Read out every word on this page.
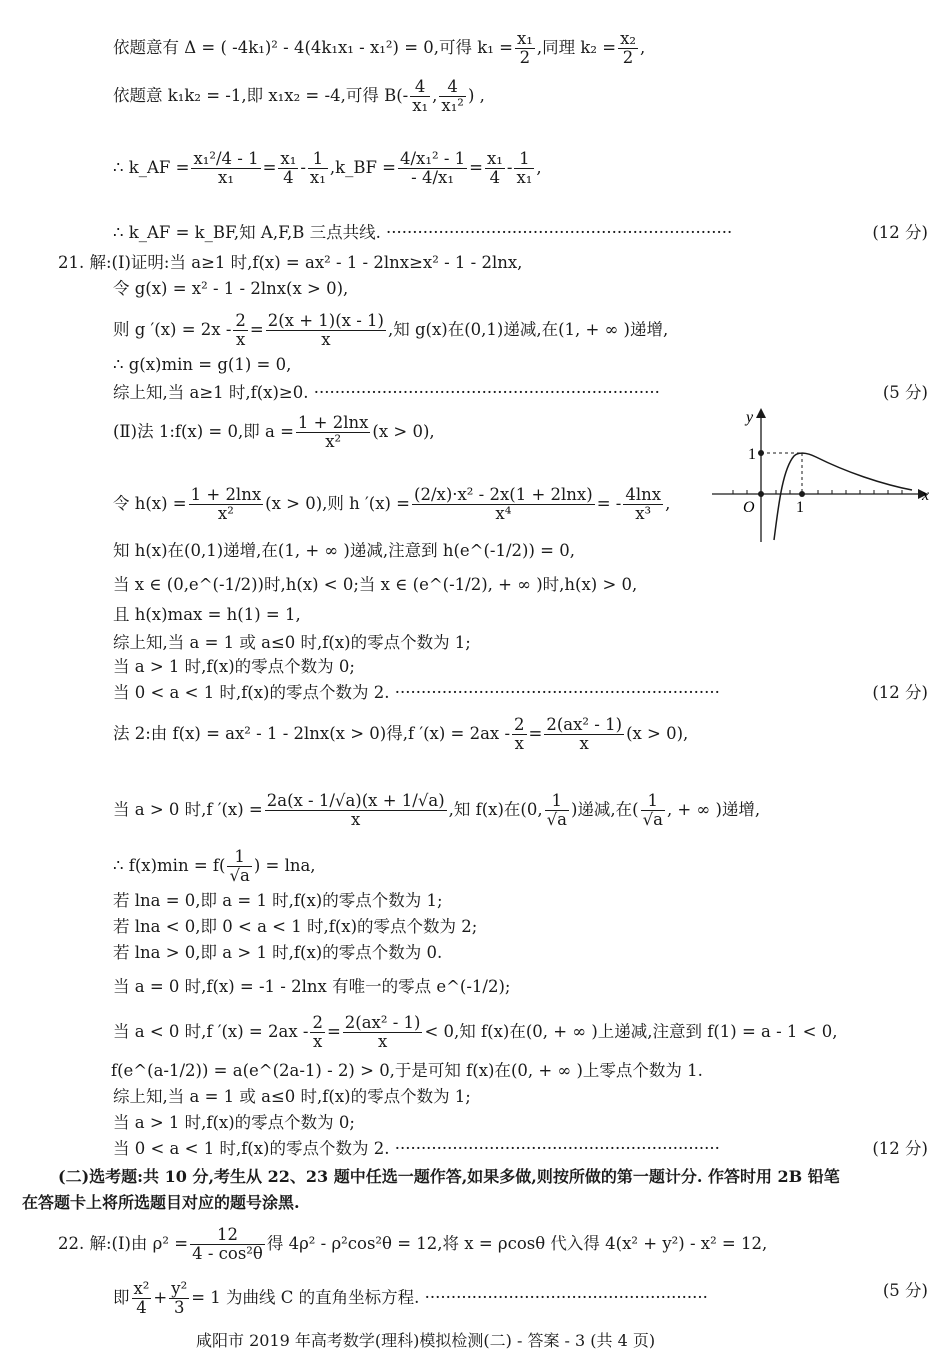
依题意有 Δ = ( -4k₁)² - 4(4k₁x₁ - x₁²) = 0,可得 $k_1 = \frac{\text{x₁}}{2}$ ,同理 $k_2 = \frac{\text{x₂}}{2}$ ,
依题意 k₁k₂ = -1,即 x₁x₂ = -4,可得 $B(- \frac{4}{\text{x₁}}$ , $\frac{4}{\text{x₁²}}$ ) ,
∴ k_AF = $\frac{\text{x₁²/4 - 1}}{\text{x₁}} = \frac{\text{x₁}}{4} - \frac{1}{\text{x₁}}$ ,k_BF = $\frac{\text{4/x₁² - 1}}{\text{- 4/x₁}} = \frac{\text{x₁}}{4} - \frac{1}{\text{x₁}}$ ,
∴ k_AF = k_BF,知 A,F,B 三点共线. ··································································	(12 分)
21. 解:(Ⅰ)证明:当 a≥1 时,f(x) = ax² - 1 - 2lnx≥x² - 1 - 2lnx,
令 g(x) = x² - 1 - 2lnx(x > 0),
则 g $'(x) = 2x - \frac{2}{x} = \frac{2(x + 1)(x - 1)}{x}$ ,知 g(x)在(0,1)递减,在(1, + ∞ )递增,
∴ g(x)min = g(1) = 0,
综上知,当 a≥1 时,f(x)≥0. ··································································	(5 分)
(Ⅱ)法 1:f(x) = 0,即 $a = \frac{1 + 2\ln x}{\text{x²}} (x > 0)$,
令 $h(x) = \frac{1 + 2\ln x}{\text{x²}} (x > 0)$,则 h $'(x) = \frac{\text{(2/x)·x² - 2x(1 + 2lnx)}}{\text{x⁴}}$ = - $\frac{4\ln x}{\text{x³}}$ ,
知 h(x)在(0,1)递增,在(1, + ∞ )递减,注意到 h(e^(-1/2)) = 0,
当 x ∈ (0,e^(-1/2))时,h(x) < 0;当 x ∈ (e^(-1/2), + ∞ )时,h(x) > 0,
且 h(x)max = h(1) = 1,
综上知,当 a = 1 或 a≤0 时,f(x)的零点个数为 1;
当 a > 1 时,f(x)的零点个数为 0;
当 0 < a < 1 时,f(x)的零点个数为 2. ······························································	(12 分)
法 2:由 f(x) = ax² - 1 - 2lnx(x > 0)得,f $'(x) = 2ax - \frac{2}{x} = \frac{\text{2(ax² - 1)}}{x} (x > 0)$,
当 a > 0 时,f $'(x) = \frac{2a(x - 1/√a)(x + 1/√a)}{x}$ ,知 f(x)在(0, $\frac{1}{√a}$ )递减,在( $\frac{1}{√a}$ , + ∞ )递增,
∴ $f(x)\min = f( \frac{1}{√a}$ ) = lna,
若 lna = 0,即 a = 1 时,f(x)的零点个数为 1;
若 lna < 0,即 0 < a < 1 时,f(x)的零点个数为 2;
若 lna > 0,即 a > 1 时,f(x)的零点个数为 0.
当 a = 0 时,f(x) = -1 - 2lnx 有唯一的零点 e^(-1/2);
当 a < 0 时,f $'(x) = 2ax - \frac{2}{x} = \frac{\text{2(ax² - 1)}}{x} < 0$,知 f(x)在(0, + ∞ )上递减,注意到 f(1) = a - 1 < 0,
f(e^(a-1/2)) = a(e^(2a-1) - 2) > 0,于是可知 f(x)在(0, + ∞ )上零点个数为 1.
综上知,当 a = 1 或 a≤0 时,f(x)的零点个数为 1;
当 a > 1 时,f(x)的零点个数为 0;
当 0 < a < 1 时,f(x)的零点个数为 2. ······························································	(12 分)
(二)选考题:共 10 分,考生从 22、23 题中任选一题作答,如果多做,则按所做的第一题计分. 作答时用 2B 铅笔
在答题卡上将所选题目对应的题号涂黑.
22. 解:(Ⅰ)由 $\rho^2 = \frac{12}{\text{4 - cos²θ}}$ 得 4ρ² - ρ²cos²θ = 12,将 x = ρcosθ 代入得 4(x² + y²) - x² = 12,
即 $\frac{\text{x²}}{4} + \frac{\text{y²}}{3} = 1$ 为曲线 C 的直角坐标方程. ······················································	(5 分)
y
x
O	1
1
咸阳市 2019 年高考数学(理科)模拟检测(二) - 答案 - 3 (共 4 页)
